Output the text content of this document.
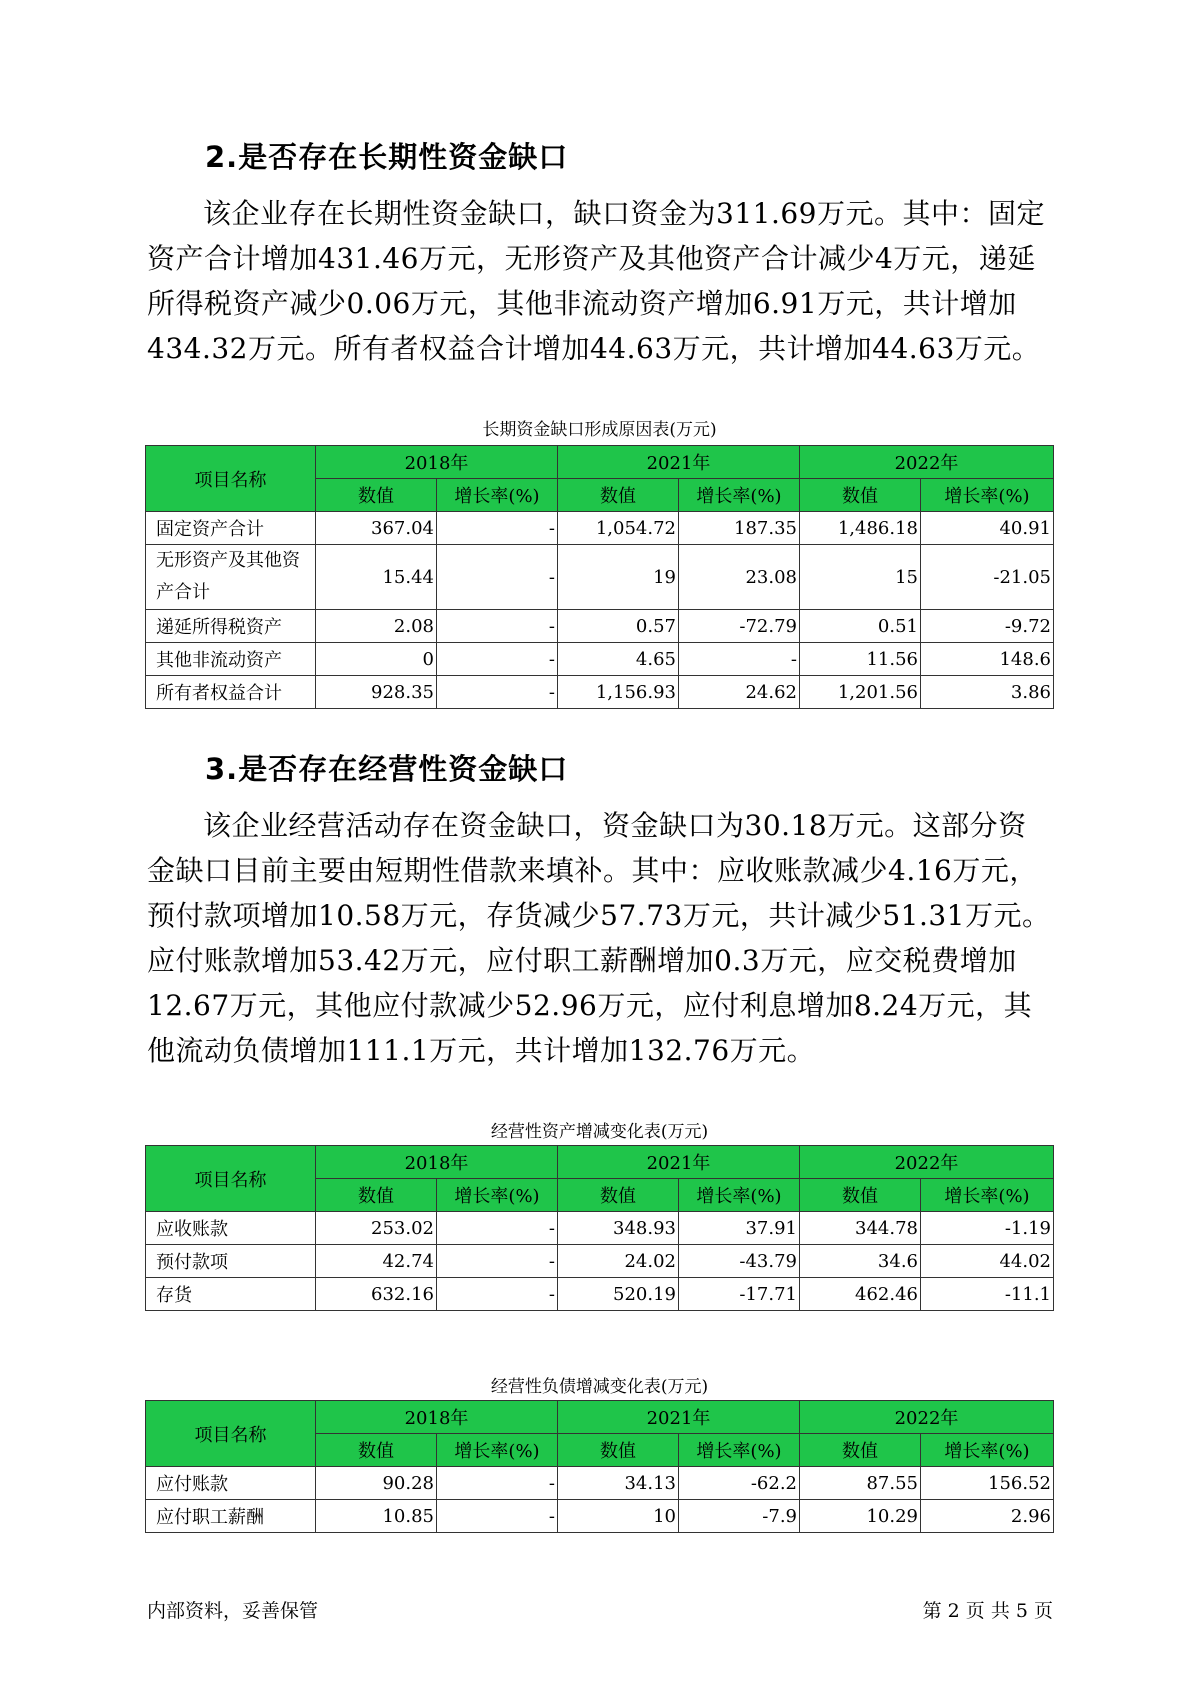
2.是否存在长期性资金缺口

该企业存在长期性资金缺口，缺口资金为311.69万元。其中：固定资产合计增加431.46万元，无形资产及其他资产合计减少4万元，递延所得税资产减少0.06万元，其他非流动资产增加6.91万元，共计增加434.32万元。所有者权益合计增加44.63万元，共计增加44.63万元。

长期资金缺口形成原因表(万元)
项目名称	2018年		2021年		2022年	
	数值	增长率(%)	数值	增长率(%)	数值	增长率(%)
固定资产合计	367.04	-	1,054.72	187.35	1,486.18	40.91
无形资产及其他资产合计	15.44	-	19	23.08	15	-21.05
递延所得税资产	2.08	-	0.57	-72.79	0.51	-9.72
其他非流动资产	0	-	4.65	-	11.56	148.6
所有者权益合计	928.35	-	1,156.93	24.62	1,201.56	3.86
3.是否存在经营性资金缺口

该企业经营活动存在资金缺口，资金缺口为30.18万元。这部分资金缺口目前主要由短期性借款来填补。其中：应收账款减少4.16万元，预付款项增加10.58万元，存货减少57.73万元，共计减少51.31万元。应付账款增加53.42万元，应付职工薪酬增加0.3万元，应交税费增加12.67万元，其他应付款减少52.96万元，应付利息增加8.24万元，其他流动负债增加111.1万元，共计增加132.76万元。

经营性资产增减变化表(万元)
项目名称	2018年		2021年		2022年	
	数值	增长率(%)	数值	增长率(%)	数值	增长率(%)
应收账款	253.02	-	348.93	37.91	344.78	-1.19
预付款项	42.74	-	24.02	-43.79	34.6	44.02
存货	632.16	-	520.19	-17.71	462.46	-11.1
经营性负债增减变化表(万元)
项目名称	2018年		2021年		2022年	
	数值	增长率(%)	数值	增长率(%)	数值	增长率(%)
应付账款	90.28	-	34.13	-62.2	87.55	156.52
应付职工薪酬	10.85	-	10	-7.9	10.29	2.96
内部资料，妥善保管	第 2 页 共 5 页
